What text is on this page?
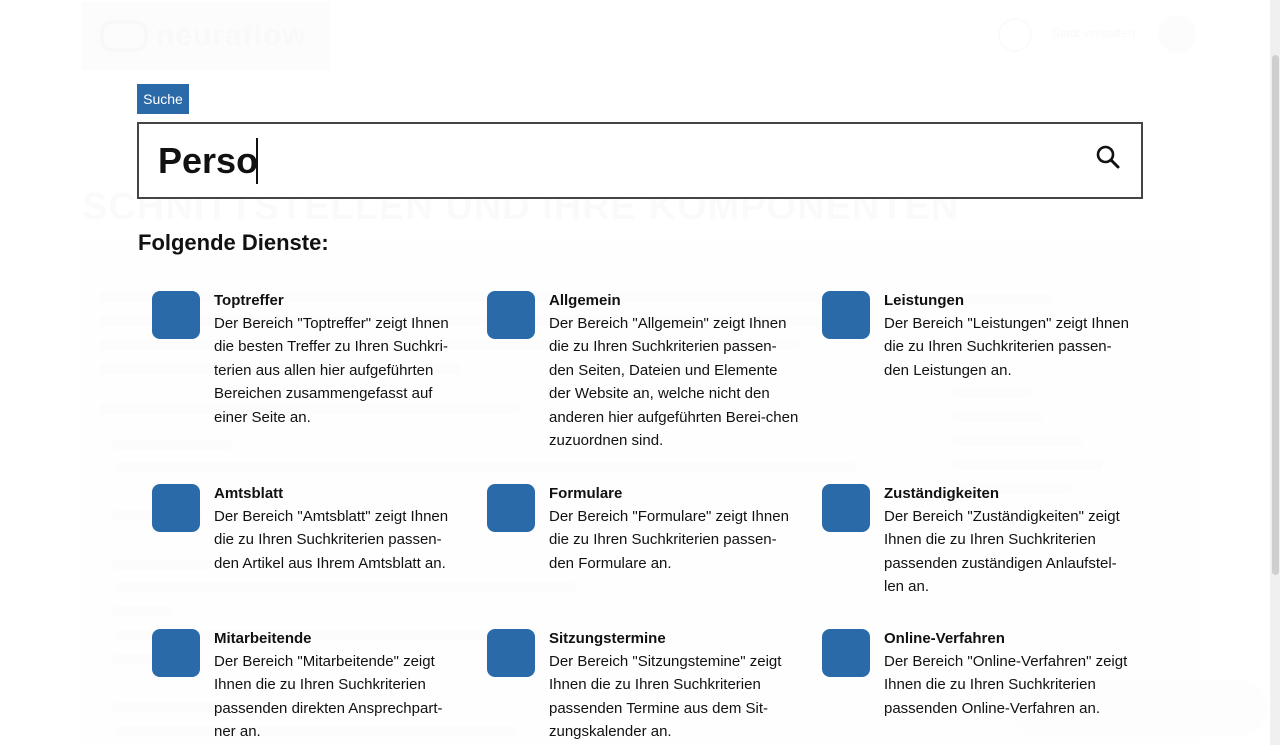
Suche
Perso
Folgende Dienste:
Toptreffer
Der Bereich "Toptreffer" zeigt Ihnen die besten Treffer zu Ihren Suchkri-terien aus allen hier aufgeführten Bereichen zusammengefasst auf einer Seite an.
Allgemein
Der Bereich "Allgemein" zeigt Ihnen die zu Ihren Suchkriterien passen-den Seiten, Dateien und Elemente der Website an, welche nicht den anderen hier aufgeführten Berei-chen zuzuordnen sind.
Leistungen
Der Bereich "Leistungen" zeigt Ihnen die zu Ihren Suchkriterien passen-den Leistungen an.
Amtsblatt
Der Bereich "Amtsblatt" zeigt Ihnen die zu Ihren Suchkriterien passen-den Artikel aus Ihrem Amtsblatt an.
Formulare
Der Bereich "Formulare" zeigt Ihnen die zu Ihren Suchkriterien passen-den Formulare an.
Zuständigkeiten
Der Bereich "Zuständigkeiten" zeigt Ihnen die zu Ihren Suchkriterien passenden zuständigen Anlaufstel-len an.
Mitarbeitende
Der Bereich "Mitarbeitende" zeigt Ihnen die zu Ihren Suchkriterien passenden direkten Ansprechpart-ner an.
Sitzungstermine
Der Bereich "Sitzungstemine" zeigt Ihnen die zu Ihren Suchkriterien passenden Termine aus dem Sit-zungskalender an.
Online-Verfahren
Der Bereich "Online-Verfahren" zeigt Ihnen die zu Ihren Suchkriterien passenden Online-Verfahren an.
